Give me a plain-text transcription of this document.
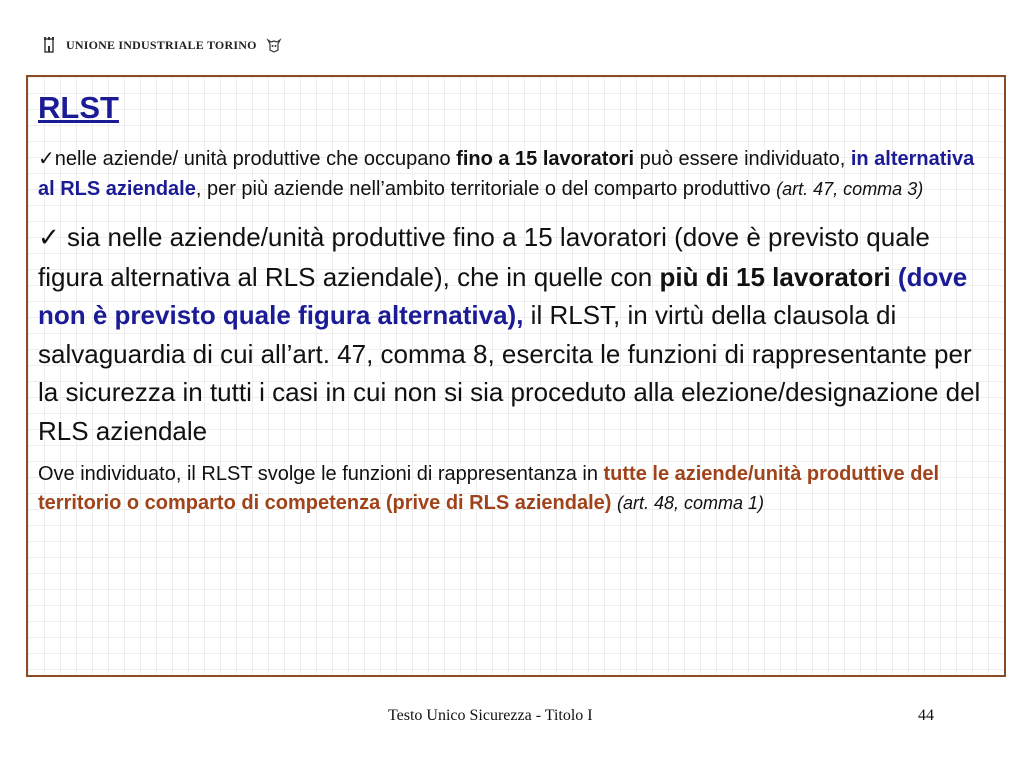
UNIONE INDUSTRIALE TORINO
RLST

✓nelle aziende/ unità produttive che occupano fino a 15 lavoratori può essere individuato, in alternativa al RLS aziendale, per più aziende nell’ambito territoriale o del comparto produttivo (art. 47, comma 3)

✓ sia nelle aziende/unità produttive fino a 15 lavoratori (dove è previsto quale figura alternativa al RLS aziendale), che in quelle con più di 15 lavoratori (dove non è previsto quale figura alternativa), il RLST, in virtù della clausola di salvaguardia di cui all’art. 47, comma 8, esercita le funzioni di rappresentante per la sicurezza in tutti i casi in cui non si sia proceduto alla elezione/designazione del RLS aziendale

Ove individuato, il RLST svolge le funzioni di rappresentanza in tutte le aziende/unità produttive del territorio o comparto di competenza (prive di RLS aziendale) (art. 48, comma 1)

Testo Unico Sicurezza - Titolo I	44
